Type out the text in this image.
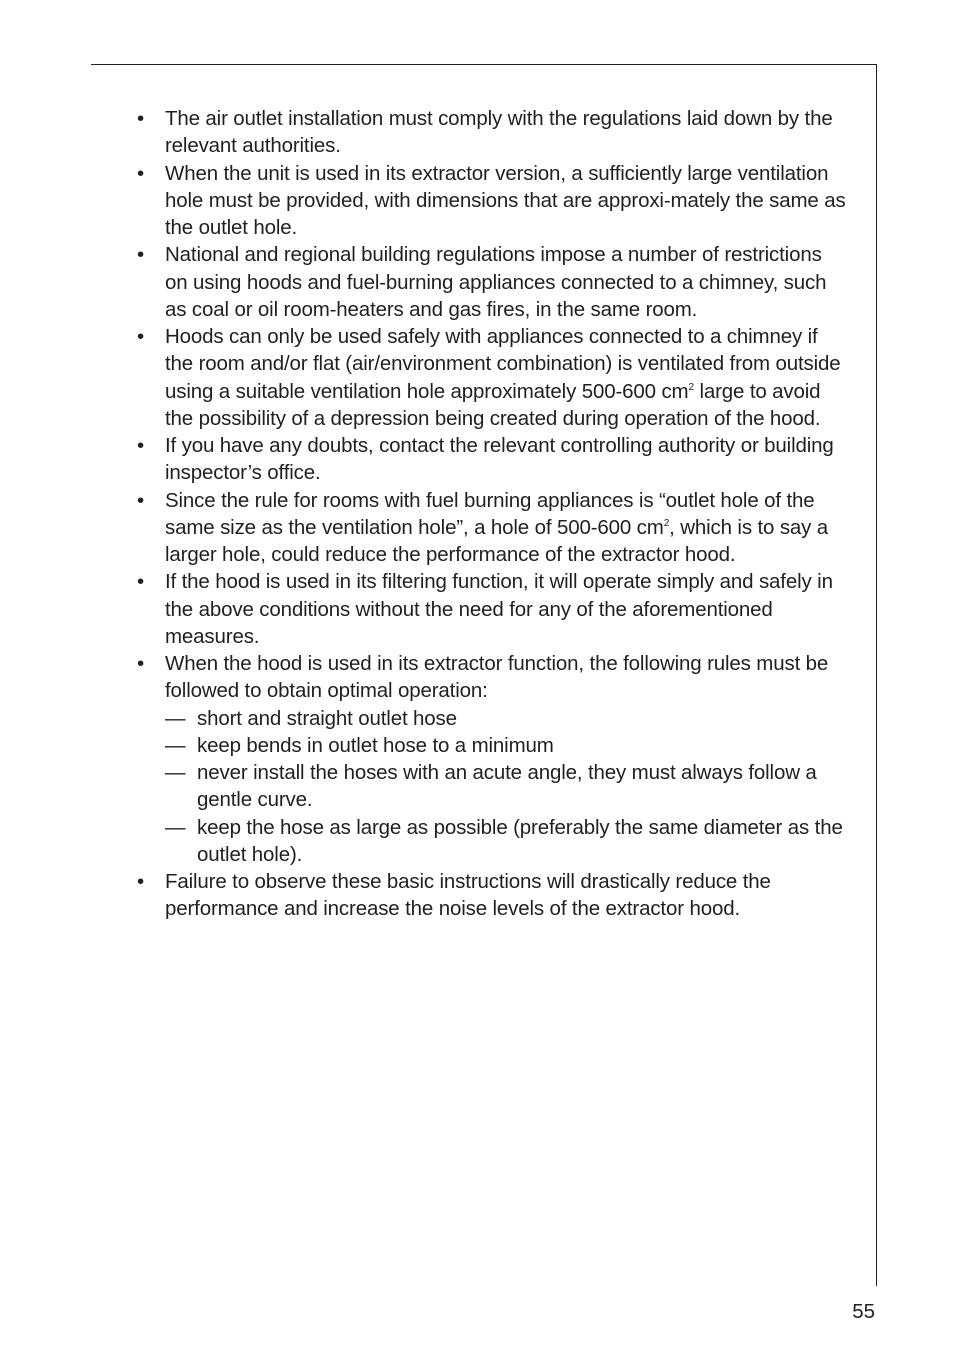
•	The air outlet installation must comply with the regulations laid down by the relevant authorities.
•	When the unit is used in its extractor version, a sufficiently large ventilation hole must be provided, with dimensions that are approxi-mately the same as the outlet hole.
•	National and regional building regulations impose a number of restrictions on using hoods and fuel-burning appliances connected to a chimney, such as coal or oil room-heaters and gas fires, in the same room.
•	Hoods can only be used safely with appliances connected to a chimney if the room and/or flat (air/environment combination) is ventilated from outside using a suitable ventilation hole approximately 500-600 $cm^2$ large to avoid the possibility of a depression being created during operation of the hood.
•	If you have any doubts, contact the relevant controlling authority or building inspector’s office.
•	Since the rule for rooms with fuel burning appliances is “outlet hole of the same size as the ventilation hole”, a hole of 500-600 $cm^2$, which is to say a larger hole, could reduce the performance of the extractor hood.
•	If the hood is used in its filtering function, it will operate simply and safely in the above conditions without the need for any of the aforementioned measures.
•	When the hood is used in its extractor function, the following rules must be followed to obtain optimal operation:
— short and straight outlet hose
— keep bends in outlet hose to a minimum
— never install the hoses with an acute angle, they must always follow a gentle curve.
— keep the hose as large as possible (preferably the same diameter as the outlet hole).
•	Failure to observe these basic instructions will drastically reduce the performance and increase the noise levels of the extractor hood.
55
